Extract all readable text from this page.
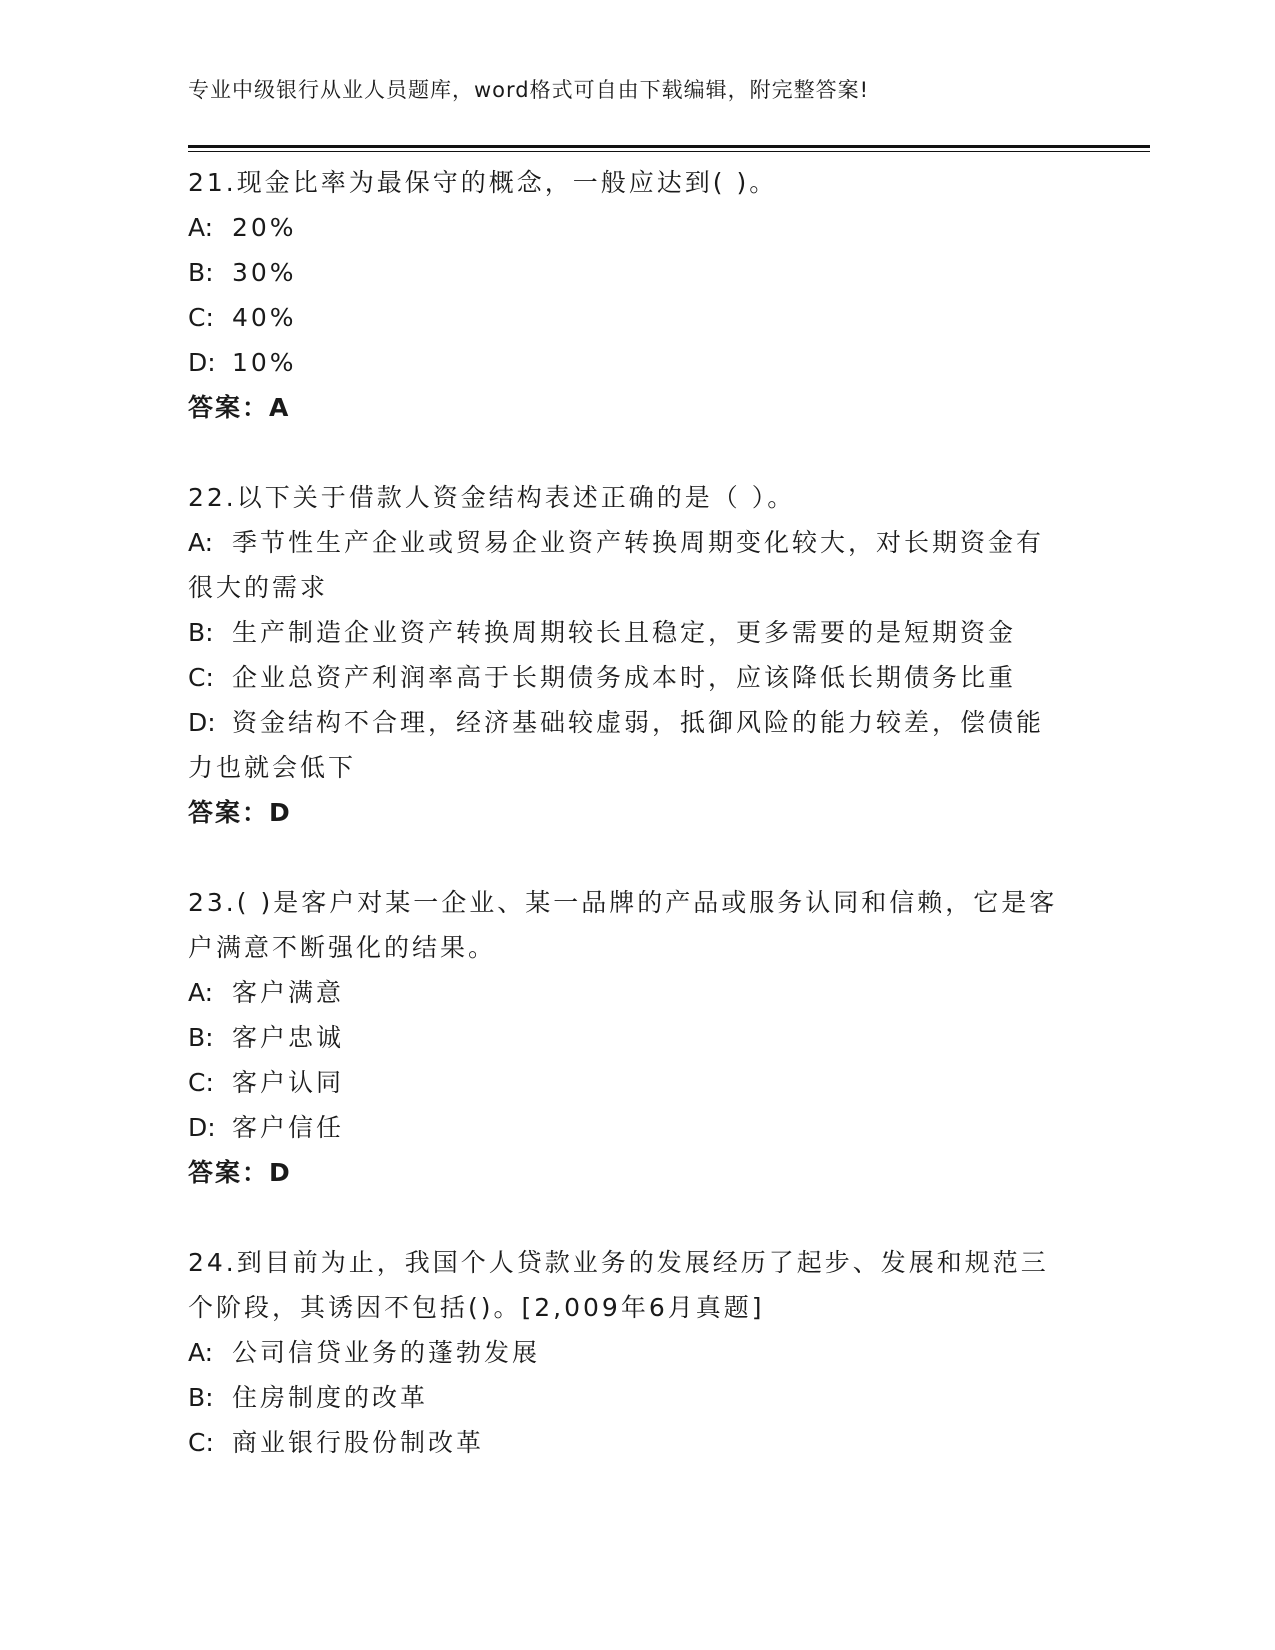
专业中级银行从业人员题库，word格式可自由下载编辑，附完整答案!

21.现金比率为最保守的概念，一般应达到( )。

A: 20%

B: 30%

C: 40%

D: 10%

答案：A

22.以下关于借款人资金结构表述正确的是（ ）。

A: 季节性生产企业或贸易企业资产转换周期变化较大，对长期资金有很大的需求

B: 生产制造企业资产转换周期较长且稳定，更多需要的是短期资金

C: 企业总资产利润率高于长期债务成本时，应该降低长期债务比重

D: 资金结构不合理，经济基础较虚弱，抵御风险的能力较差，偿债能力也就会低下

答案：D

23.( )是客户对某一企业、某一品牌的产品或服务认同和信赖，它是客户满意不断强化的结果。

A: 客户满意

B: 客户忠诚

C: 客户认同

D: 客户信任

答案：D

24.到目前为止，我国个人贷款业务的发展经历了起步、发展和规范三个阶段，其诱因不包括()。[2,009年6月真题]

A: 公司信贷业务的蓬勃发展

B: 住房制度的改革

C: 商业银行股份制改革
